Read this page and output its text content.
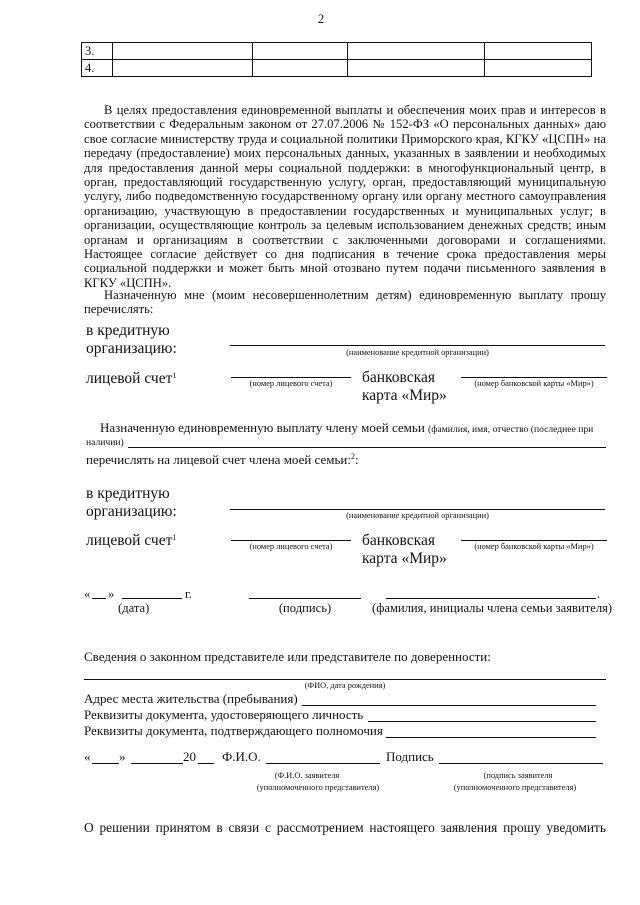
2
3.				
4.				
В целях предоставления единовременной выплаты и обеспечения моих прав и интересов в соответствии с Федеральным законом от 27.07.2006 № 152-ФЗ «О персональных данных» даю свое согласие министерству труда и социальной политики Приморского края, КГКУ «ЦСПН» на передачу (предоставление) моих персональных данных, указанных в заявлении и необходимых для предоставления данной меры социальной поддержки: в многофункциональный центр, в орган, предоставляющий государственную услугу, орган, предоставляющий муниципальную услугу, либо подведомственную государственному органу или органу местного самоуправления организацию, участвующую в предоставлении государственных и муниципальных услуг; в организации, осуществляющие контроль за целевым использованием денежных средств; иным органам и организациям в соответствии с заключенными договорами и соглашениями. Настоящее согласие действует со дня подписания в течение срока предоставления меры социальной поддержки и может быть мной отозвано путем подачи письменного заявления в КГКУ «ЦСПН».
Назначенную мне (моим несовершеннолетним детям) единовременную выплату прошу перечислять:
в кредитную
организацию:	(наименование кредитной организации)
лицевой счет$^1$
(номер лицевого счета)	банковская
карта «Мир»
(номер банковской карты «Мир»)
Назначенную единовременную выплату члену моей семьи (фамилия, имя, отчество (последнее при
наличии)
перечислять на лицевой счет члена моей семьи:$^2$:
в кредитную
организацию:	(наименование кредитной организации)
лицевой счет$^1$
(номер лицевого счета)	банковская
карта «Мир»
(номер банковской карты «Мир»)
« »	г.
(дата)	(подпись)
.
(фамилия, инициалы члена семьи заявителя)
Сведения о законном представителе или представителе по доверенности:
(ФИО, дата рождения)
Адрес места жительства (пребывания)
Реквизиты документа, удостоверяющего личность
Реквизиты документа, подтверждающего полномочия
« »	20 Ф.И.О.	Подпись
(Ф.И.О. заявителя
(уполномоченного представителя)
(подпись заявителя
(уполномоченного представителя)
О решении принятом в связи с рассмотрением настоящего заявления прошу уведомить
